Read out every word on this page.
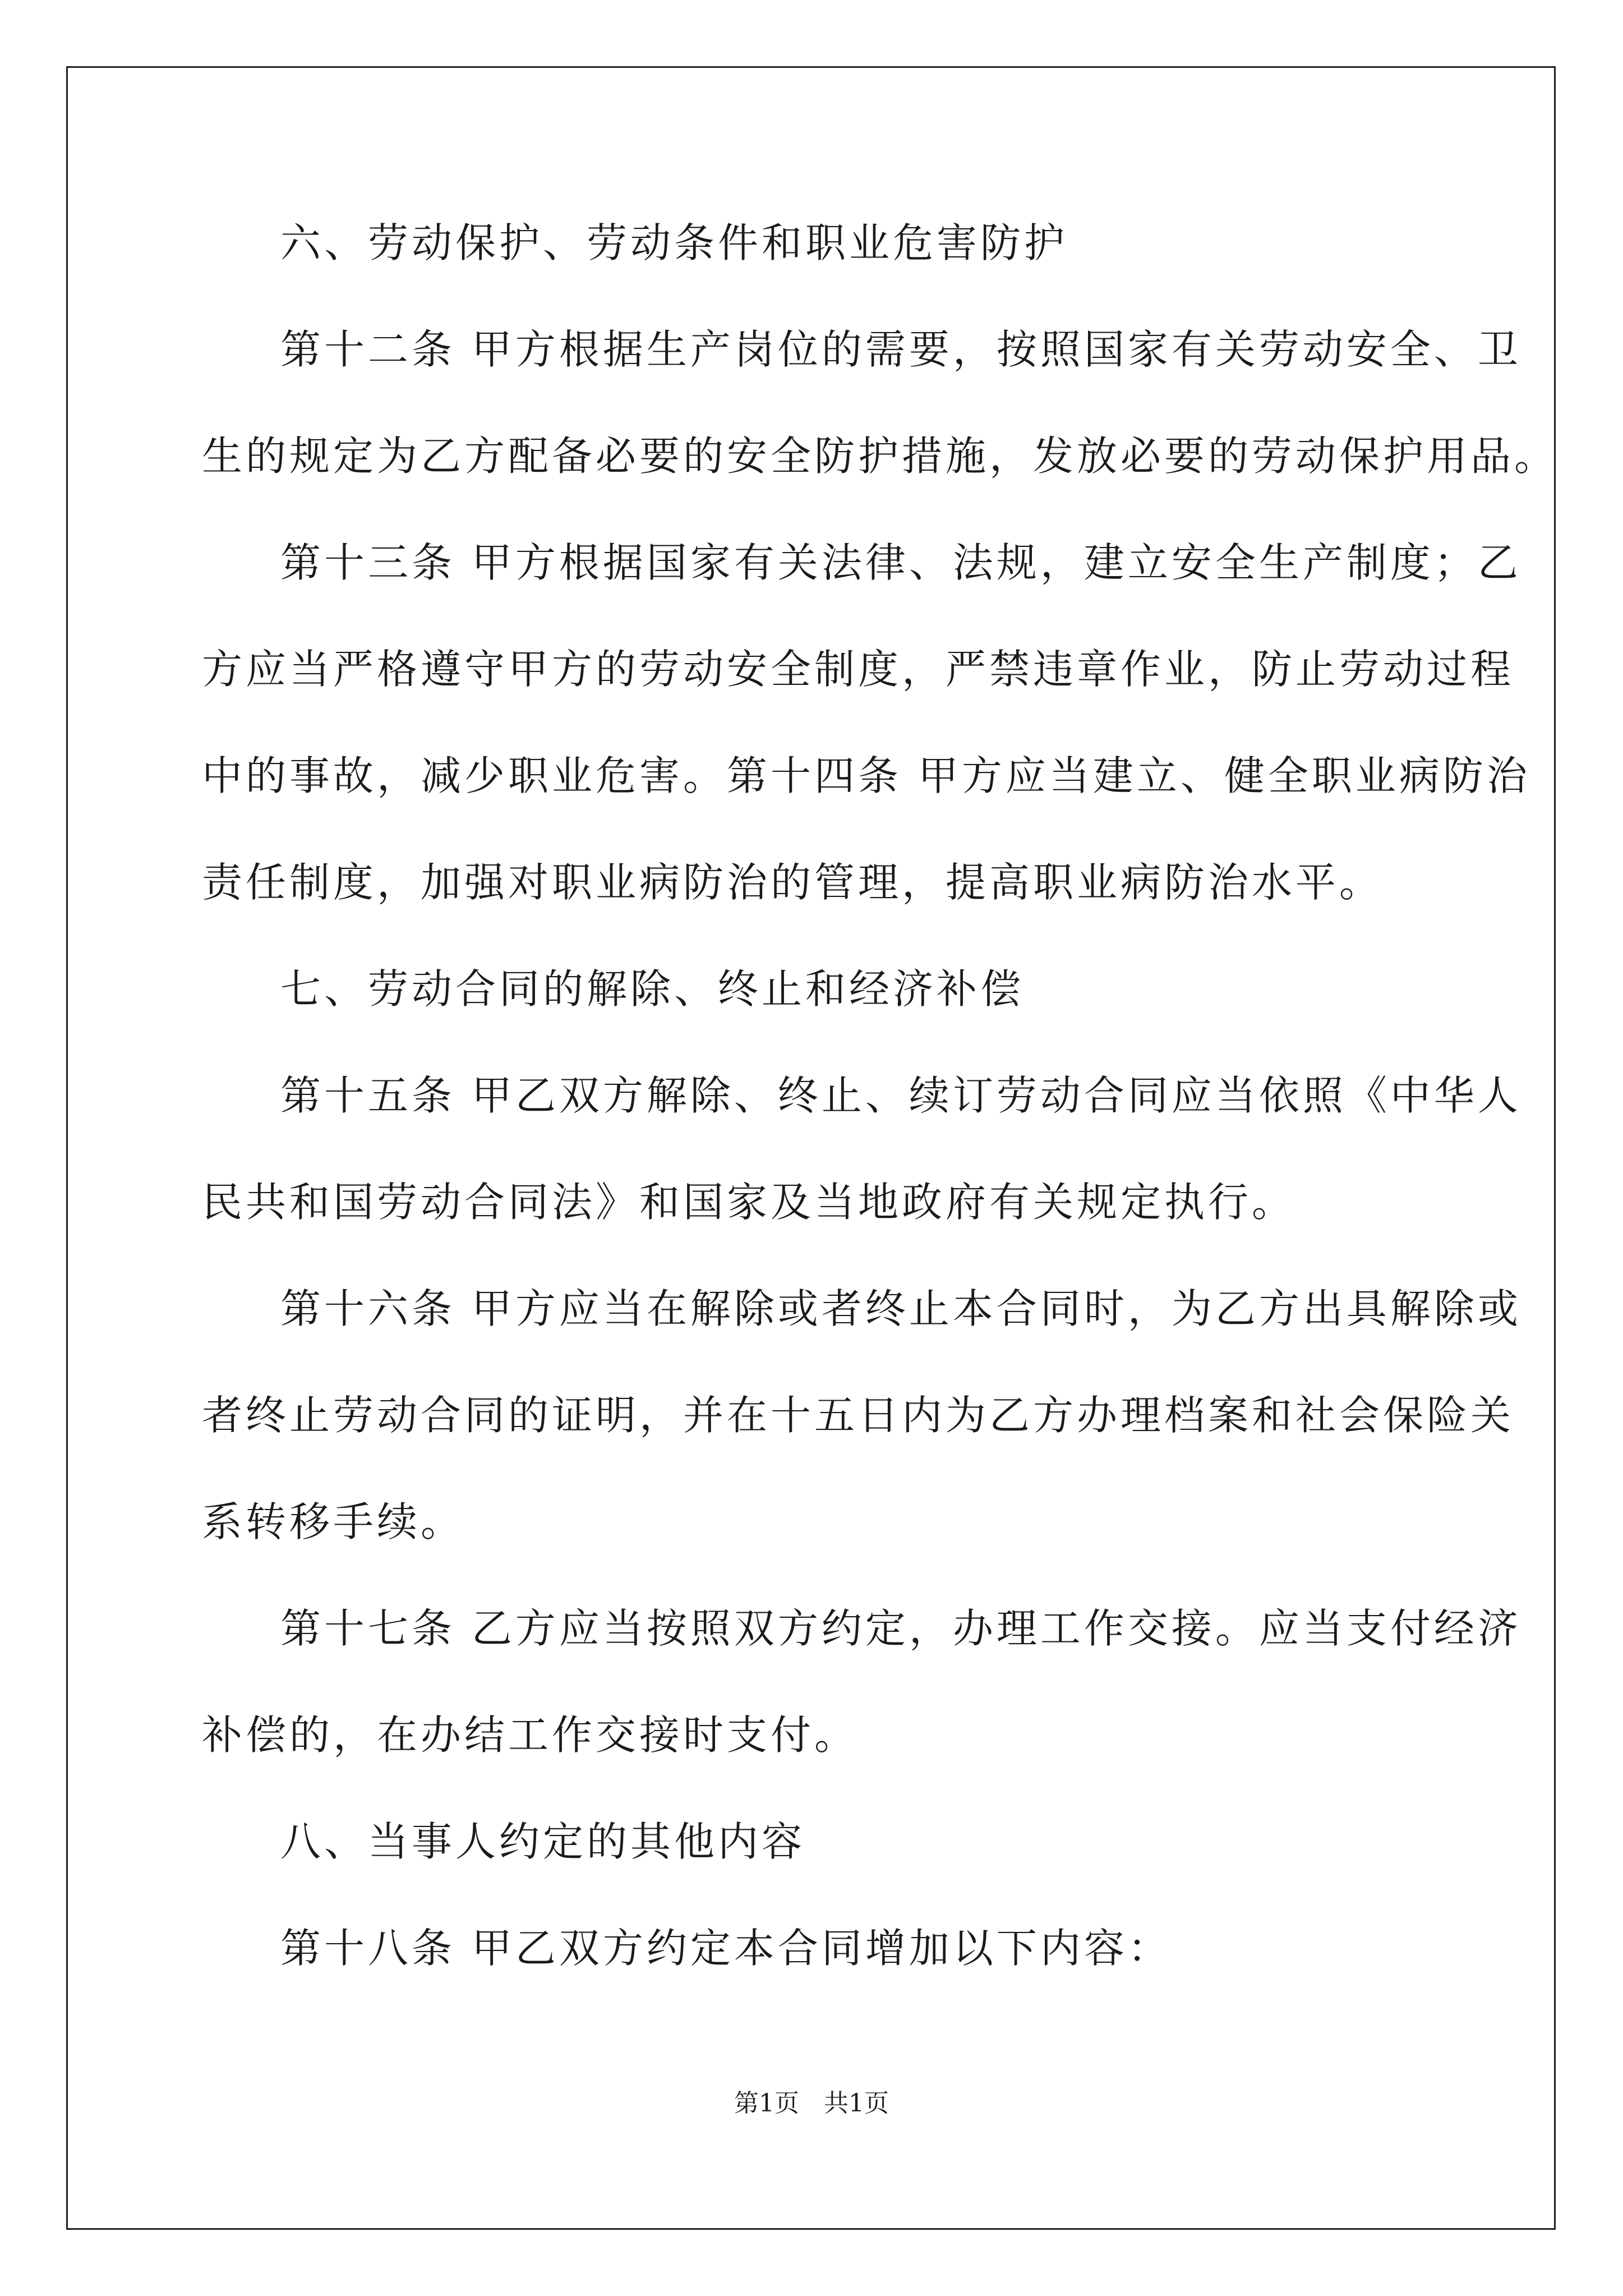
六、劳动保护、劳动条件和职业危害防护
第十二条 甲方根据生产岗位的需要，按照国家有关劳动安全、卫
生的规定为乙方配备必要的安全防护措施，发放必要的劳动保护用品。
第十三条 甲方根据国家有关法律、法规，建立安全生产制度；乙
方应当严格遵守甲方的劳动安全制度，严禁违章作业，防止劳动过程
中的事故，减少职业危害。第十四条 甲方应当建立、健全职业病防治
责任制度，加强对职业病防治的管理，提高职业病防治水平。
七、劳动合同的解除、终止和经济补偿
第十五条 甲乙双方解除、终止、续订劳动合同应当依照《中华人
民共和国劳动合同法》和国家及当地政府有关规定执行。
第十六条 甲方应当在解除或者终止本合同时，为乙方出具解除或
者终止劳动合同的证明，并在十五日内为乙方办理档案和社会保险关
系转移手续。
第十七条 乙方应当按照双方约定，办理工作交接。应当支付经济
补偿的，在办结工作交接时支付。
八、当事人约定的其他内容
第十八条 甲乙双方约定本合同增加以下内容：
第1页　共1页
